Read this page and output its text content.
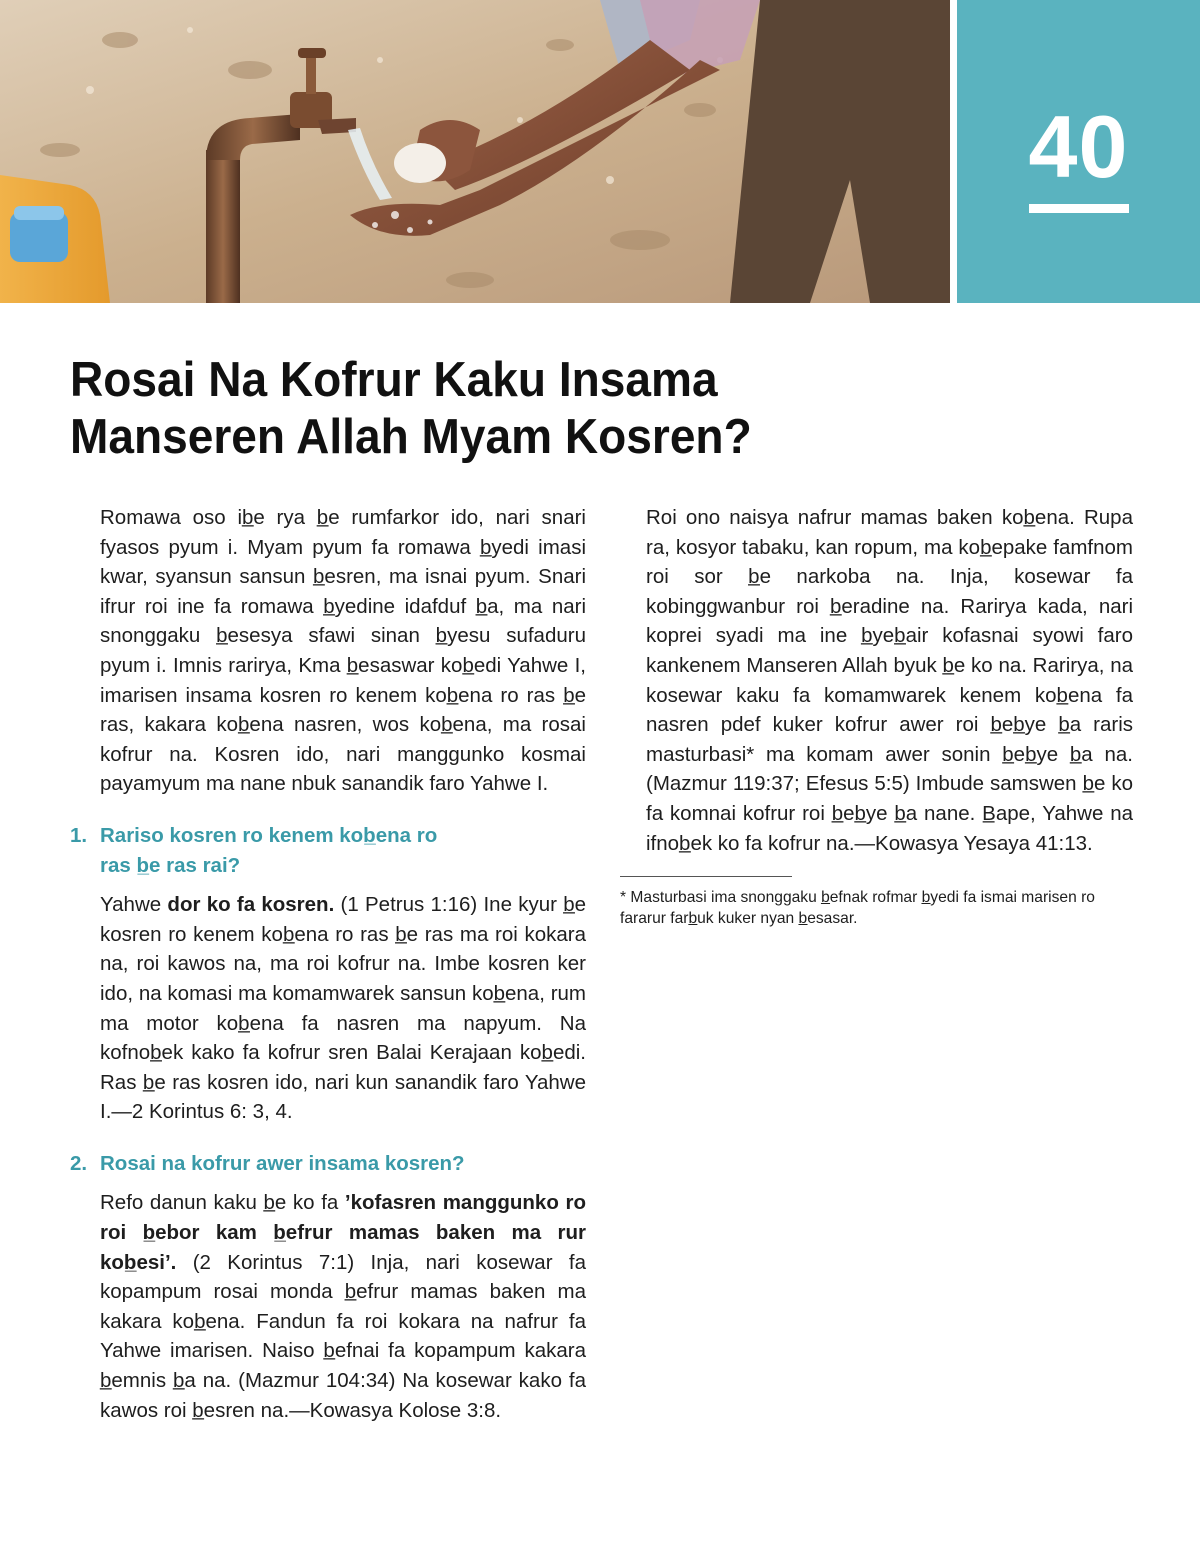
40
Rosai Na Kofrur Kaku Insama
Manseren Allah Myam Kosren?

Romawa oso ib̲e rya b̲e rumfarkor ido, nari snari fyasos pyum i. Myam pyum fa romawa b̲yedi imasi kwar, syansun sansun b̲esren, ma isnai pyum. Snari ifrur roi ine fa romawa b̲yedine idafduf b̲a, ma nari snonggaku b̲esesya sfawi sinan b̲yesu sufaduru pyum i. Imnis rarirya, Kma b̲esaswar kob̲edi Yahwe I, imarisen insama kosren ro kenem kob̲ena ro ras b̲e ras, kakara kob̲ena nasren, wos kob̲ena, ma rosai kofrur na. Kosren ido, nari manggunko kosmai payamyum ma nane nbuk sanandik faro Yahwe I.

1. Rariso kosren ro kenem kob̲ena ro ras b̲e ras rai?

Yahwe dor ko fa kosren. (1 Petrus 1:16) Ine kyur b̲e kosren ro kenem kob̲ena ro ras b̲e ras ma roi kokara na, roi kawos na, ma roi kofrur na. Imbe kosren ker ido, na komasi ma komamwarek sansun kob̲ena, rum ma motor kob̲ena fa nasren ma napyum. Na kofnob̲ek kako fa kofrur sren Balai Kerajaan kob̲edi. Ras b̲e ras kosren ido, nari kun sanandik faro Yahwe I.—2 Korintus 6: 3, 4.

2. Rosai na kofrur awer insama kosren?

Refo danun kaku b̲e ko fa ’kofasren manggunko ro roi b̲ebor kam b̲efrur mamas baken ma rur kob̲esi’. (2 Korintus 7:1) Inja, nari kosewar fa kopampum rosai monda b̲efrur mamas baken ma kakara kob̲ena. Fandun fa roi kokara na nafrur fa Yahwe imarisen. Naiso b̲efnai fa kopampum kakara b̲emnis b̲a na. (Mazmur 104:34) Na kosewar kako fa kawos roi b̲esren na.—Kowasya Kolose 3:8.

Roi ono naisya nafrur mamas baken kob̲ena. Rupa ra, kosyor tabaku, kan ropum, ma kob̲epake famfnom roi sor b̲e narkoba na. Inja, kosewar fa kobinggwanbur roi b̲eradine na. Rarirya kada, nari koprei syadi ma ine b̲yeb̲air kofasnai syowi faro kankenem Manseren Allah byuk b̲e ko na. Rarirya, na kosewar kaku fa komamwarek kenem kob̲ena fa nasren pdef kuker kofrur awer roi b̲eb̲ye b̲a raris masturbasi* ma komam awer sonin b̲eb̲ye b̲a na. (Mazmur 119:37; Efesus 5:5) Imbude samswen b̲e ko fa komnai kofrur roi b̲eb̲ye b̲a nane. B̲ape, Yahwe na ifnob̲ek ko fa kofrur na.—Kowasya Yesaya 41:13.

* Masturbasi ima snonggaku b̲efnak rofmar b̲yedi fa ismai marisen ro fararur farb̲uk kuker nyan b̲esasar.
